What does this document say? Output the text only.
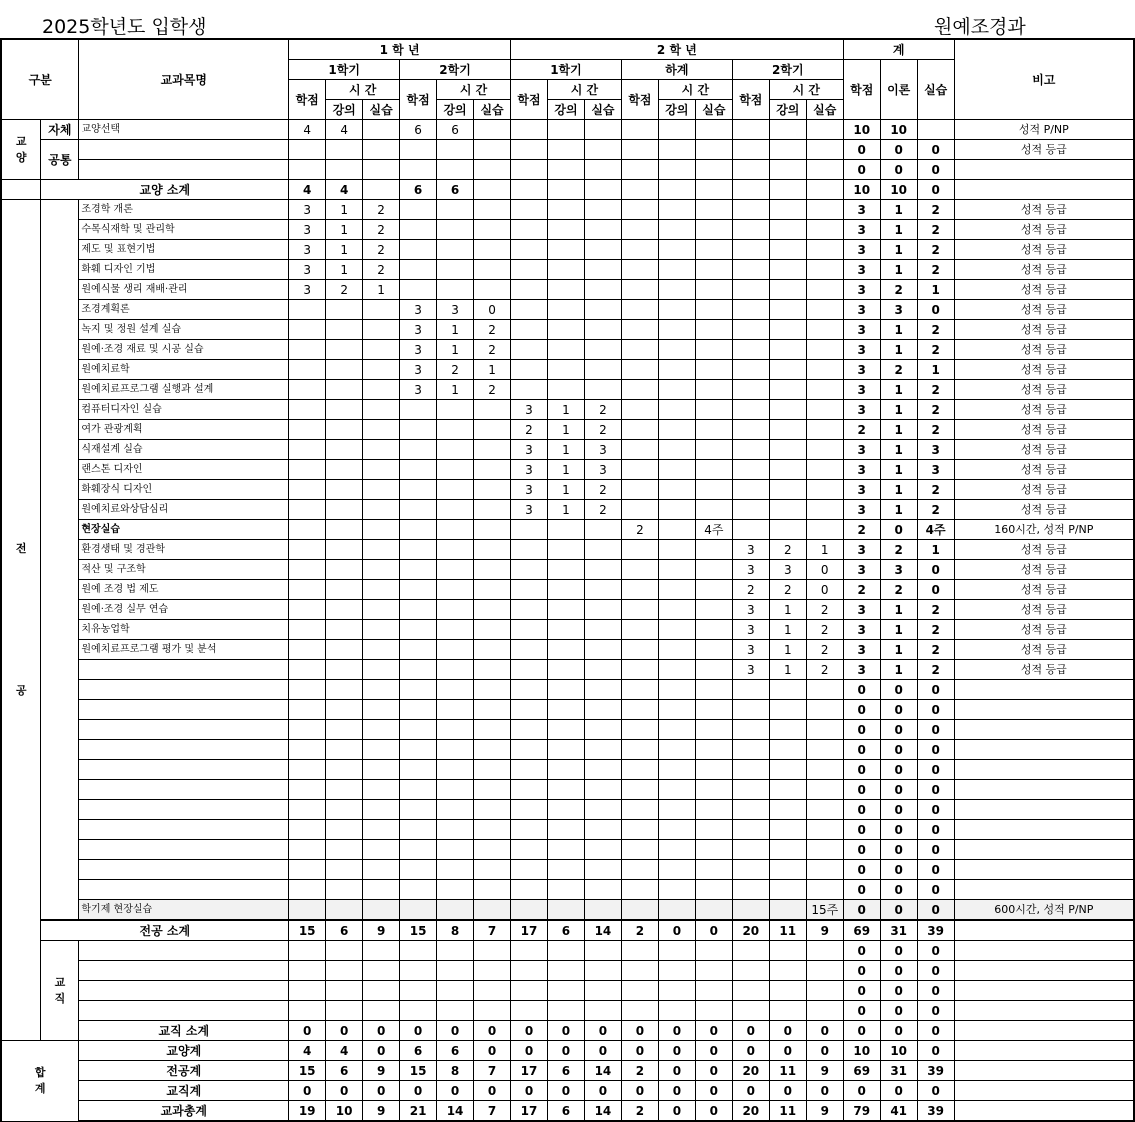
2025학년도 입학생	원예조경과
구분		교과목명	1 학 년						2 학 년									계			비고
			1학기			2학기			1학기			하계			2학기			학점	이론	실습	
			학점	시 간		학점	시 간		학점	시 간		학점	시 간		학점	시 간					
				강의	실습		강의	실습		강의	실습		강의	실습		강의	실습				

교
양	자체	교양선택	4	4		6	6											10	10		성적 P/NP
	공통																	0	0	0	성적 등급
																		0	0	0	
	교양 소계		4	4		6	6											10	10	0	

전
공		조경학 개론	3	1	2													3	1	2	성적 등급
		수목식재학 및 관리학	3	1	2													3	1	2	성적 등급
		제도 및 표현기법	3	1	2													3	1	2	성적 등급
		화훼 디자인 기법	3	1	2													3	1	2	성적 등급
		원예식물 생리 재배·관리	3	2	1													3	2	1	성적 등급
		조경계획론				3	3	0										3	3	0	성적 등급
		녹지 및 정원 설계 실습				3	1	2										3	1	2	성적 등급
		원예·조경 재료 및 시공 실습				3	1	2										3	1	2	성적 등급
		원예치료학				3	2	1										3	2	1	성적 등급
		원예치료프로그램 실행과 설계				3	1	2										3	1	2	성적 등급
		컴퓨터디자인 실습							3	1	2							3	1	2	성적 등급
		여가 관광계획							2	1	2							2	1	2	성적 등급
		식재설계 실습							3	1	3							3	1	3	성적 등급
		랜스톤 디자인							3	1	3							3	1	3	성적 등급
		화훼장식 디자인							3	1	2							3	1	2	성적 등급
		원예치료와상담심리							3	1	2							3	1	2	성적 등급
		현장실습										2		4주				2	0	4주	160시간, 성적 P/NP
		환경생태 및 경관학													3	2	1	3	2	1	성적 등급
		적산 및 구조학													3	3	0	3	3	0	성적 등급
		원예 조경 법 제도													2	2	0	2	2	0	성적 등급
		원예·조경 실무 연습													3	1	2	3	1	2	성적 등급
		치유농업학													3	1	2	3	1	2	성적 등급
		원예치료프로그램 평가 및 분석													3	1	2	3	1	2	성적 등급
															3	1	2	3	1	2	성적 등급
																		0	0	0	
																		0	0	0	
																		0	0	0	
																		0	0	0	
																		0	0	0	
																		0	0	0	
																		0	0	0	
																		0	0	0	
																		0	0	0	
																		0	0	0	
																		0	0	0	
		학기제 현장실습															15주	0	0	0	600시간, 성적 P/NP
	전공 소계		15	6	9	15	8	7	17	6	14	2	0	0	20	11	9	69	31	39	

	교
직																	0	0	0	
																		0	0	0	
																		0	0	0	
																		0	0	0	
		교직 소계	0	0	0	0	0	0	0	0	0	0	0	0	0	0	0	0	0	0	

합
계		교양계	4	4	0	6	6	0	0	0	0	0	0	0	0	0	0	10	10	0	
		전공계	15	6	9	15	8	7	17	6	14	2	0	0	20	11	9	69	31	39	
		교직계	0	0	0	0	0	0	0	0	0	0	0	0	0	0	0	0	0	0	
		교과총계	19	10	9	21	14	7	17	6	14	2	0	0	20	11	9	79	41	39	
